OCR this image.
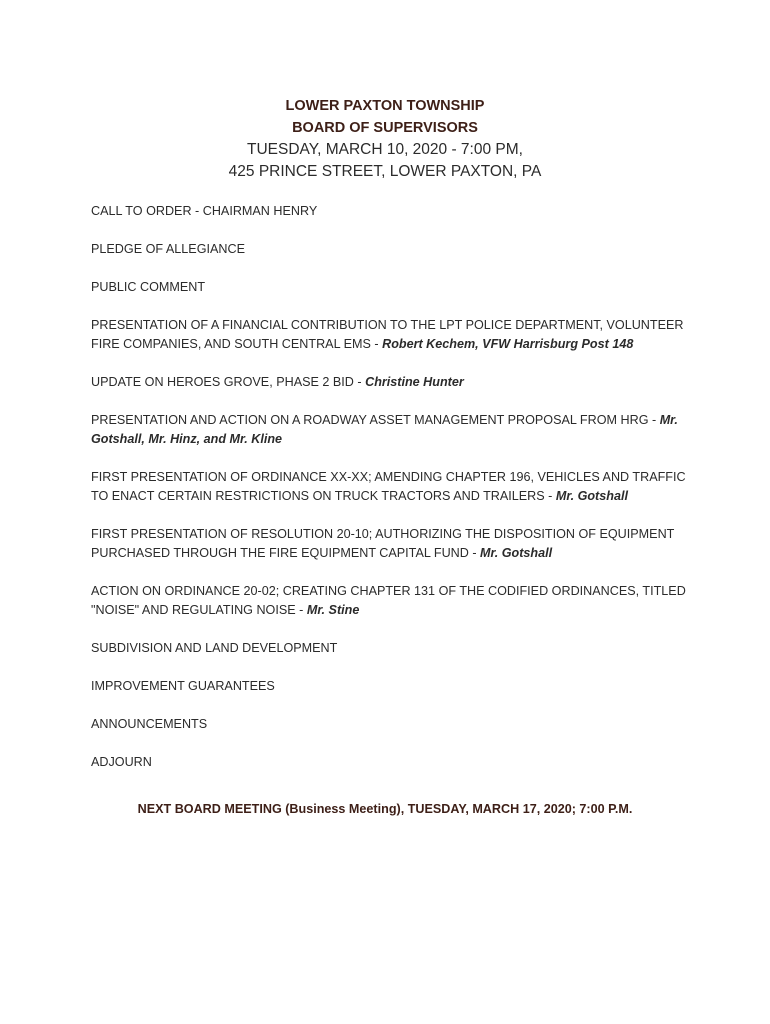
LOWER PAXTON TOWNSHIP
BOARD OF SUPERVISORS
TUESDAY, MARCH 10, 2020 - 7:00 PM,
425 PRINCE STREET, LOWER PAXTON, PA
CALL TO ORDER - CHAIRMAN HENRY
PLEDGE OF ALLEGIANCE
PUBLIC COMMENT
PRESENTATION OF A FINANCIAL CONTRIBUTION TO THE LPT POLICE DEPARTMENT, VOLUNTEER FIRE COMPANIES, AND SOUTH CENTRAL EMS - Robert Kechem, VFW Harrisburg Post 148
UPDATE ON HEROES GROVE, PHASE 2 BID - Christine Hunter
PRESENTATION AND ACTION ON A ROADWAY ASSET MANAGEMENT PROPOSAL FROM HRG - Mr. Gotshall, Mr. Hinz, and Mr. Kline
FIRST PRESENTATION OF ORDINANCE XX-XX; AMENDING CHAPTER 196, VEHICLES AND TRAFFIC TO ENACT CERTAIN RESTRICTIONS ON TRUCK TRACTORS AND TRAILERS - Mr. Gotshall
FIRST PRESENTATION OF RESOLUTION 20-10; AUTHORIZING THE DISPOSITION OF EQUIPMENT PURCHASED THROUGH THE FIRE EQUIPMENT CAPITAL FUND - Mr. Gotshall
ACTION ON ORDINANCE 20-02; CREATING CHAPTER 131 OF THE CODIFIED ORDINANCES, TITLED "NOISE" AND REGULATING NOISE - Mr. Stine
SUBDIVISION AND LAND DEVELOPMENT
IMPROVEMENT GUARANTEES
ANNOUNCEMENTS
ADJOURN
NEXT BOARD MEETING (Business Meeting), TUESDAY, MARCH 17, 2020; 7:00 P.M.
